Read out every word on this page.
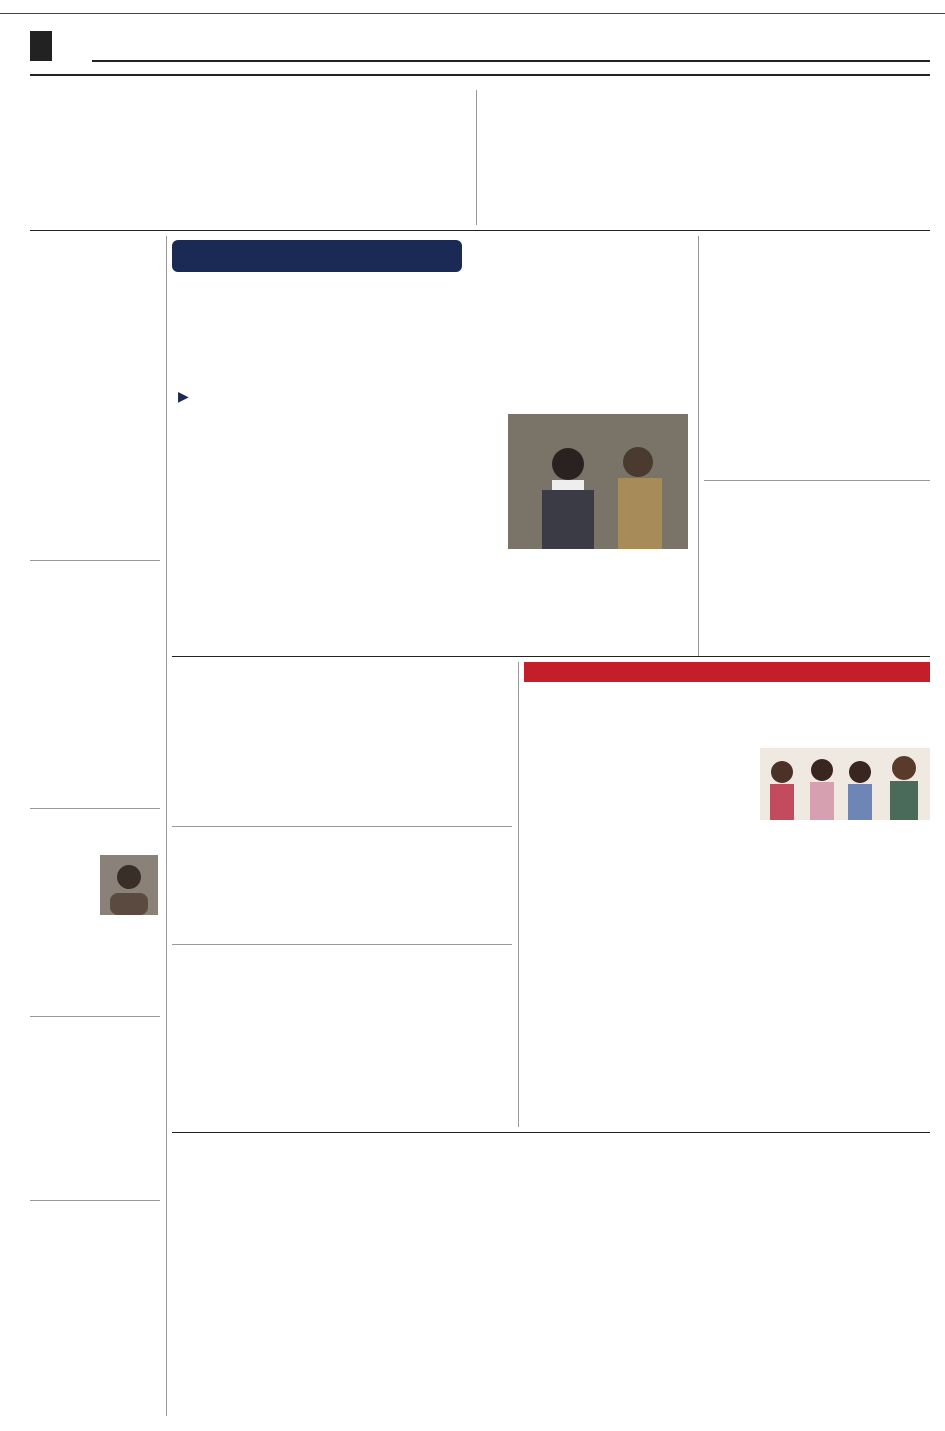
▶
